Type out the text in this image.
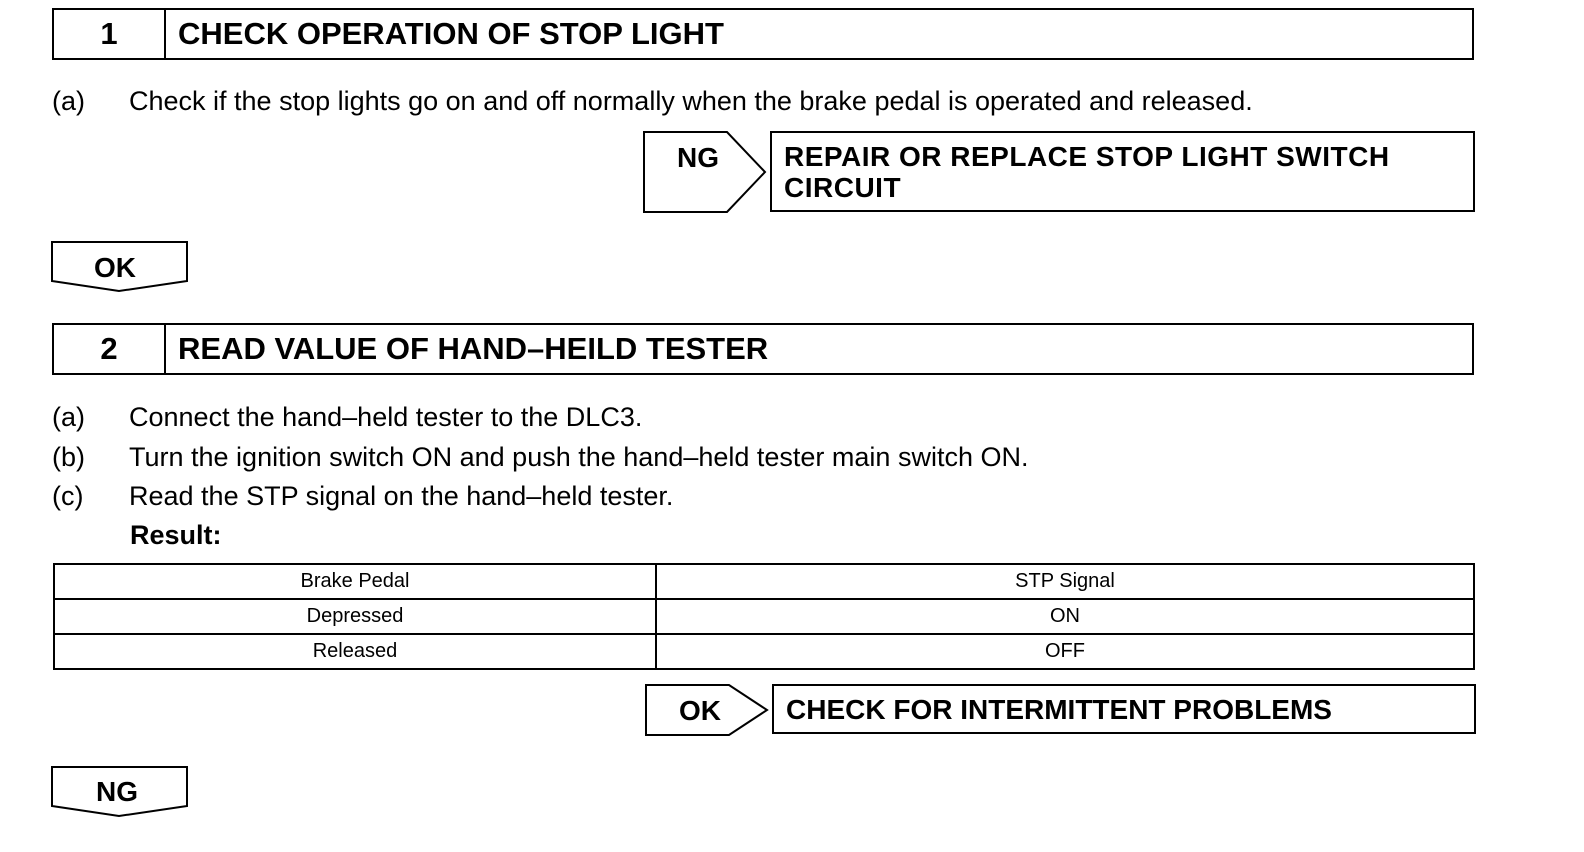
1	CHECK OPERATION OF STOP LIGHT
(a) Check if the stop lights go on and off normally when the brake pedal is operated and released.
NG	REPAIR OR REPLACE STOP LIGHT SWITCH CIRCUIT
OK
2	READ VALUE OF HAND–HEILD TESTER
(a) Connect the hand–held tester to the DLC3.
(b) Turn the ignition switch ON and push the hand–held tester main switch ON.
(c) Read the STP signal on the hand–held tester.
Result:
Brake Pedal	STP Signal
Depressed	ON
Released	OFF
OK	CHECK FOR INTERMITTENT PROBLEMS
NG
